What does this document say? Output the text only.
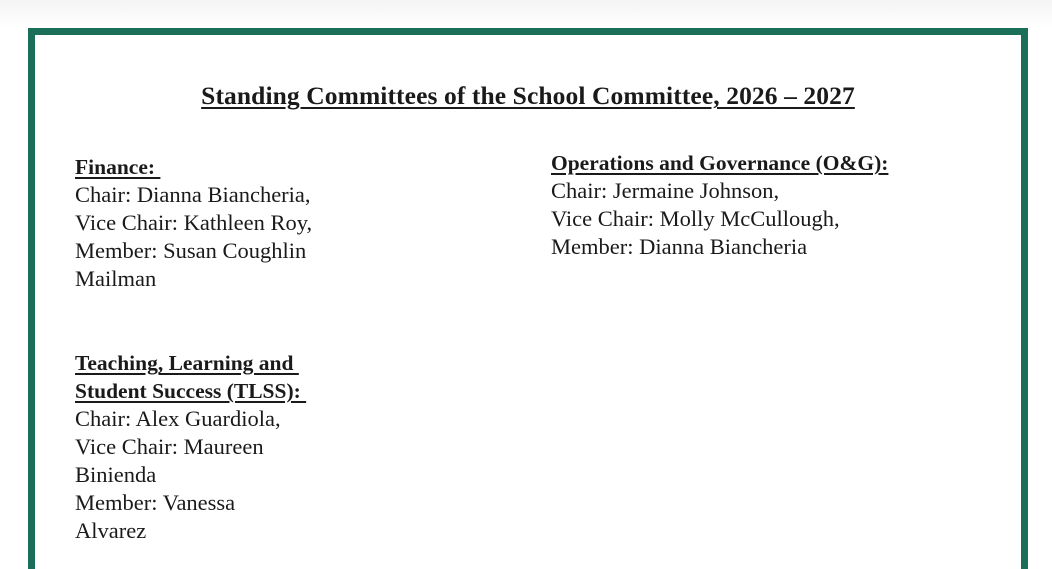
Standing Committees of the School Committee, 2026 – 2027
Finance:
Chair: Dianna Biancheria,
Vice Chair: Kathleen Roy,
Member: Susan Coughlin
Mailman
Operations and Governance (O&G):
Chair: Jermaine Johnson,
Vice Chair: Molly McCullough,
Member: Dianna Biancheria
Teaching, Learning and
Student Success (TLSS):
Chair: Alex Guardiola,
Vice Chair: Maureen
Binienda
Member: Vanessa
Alvarez
